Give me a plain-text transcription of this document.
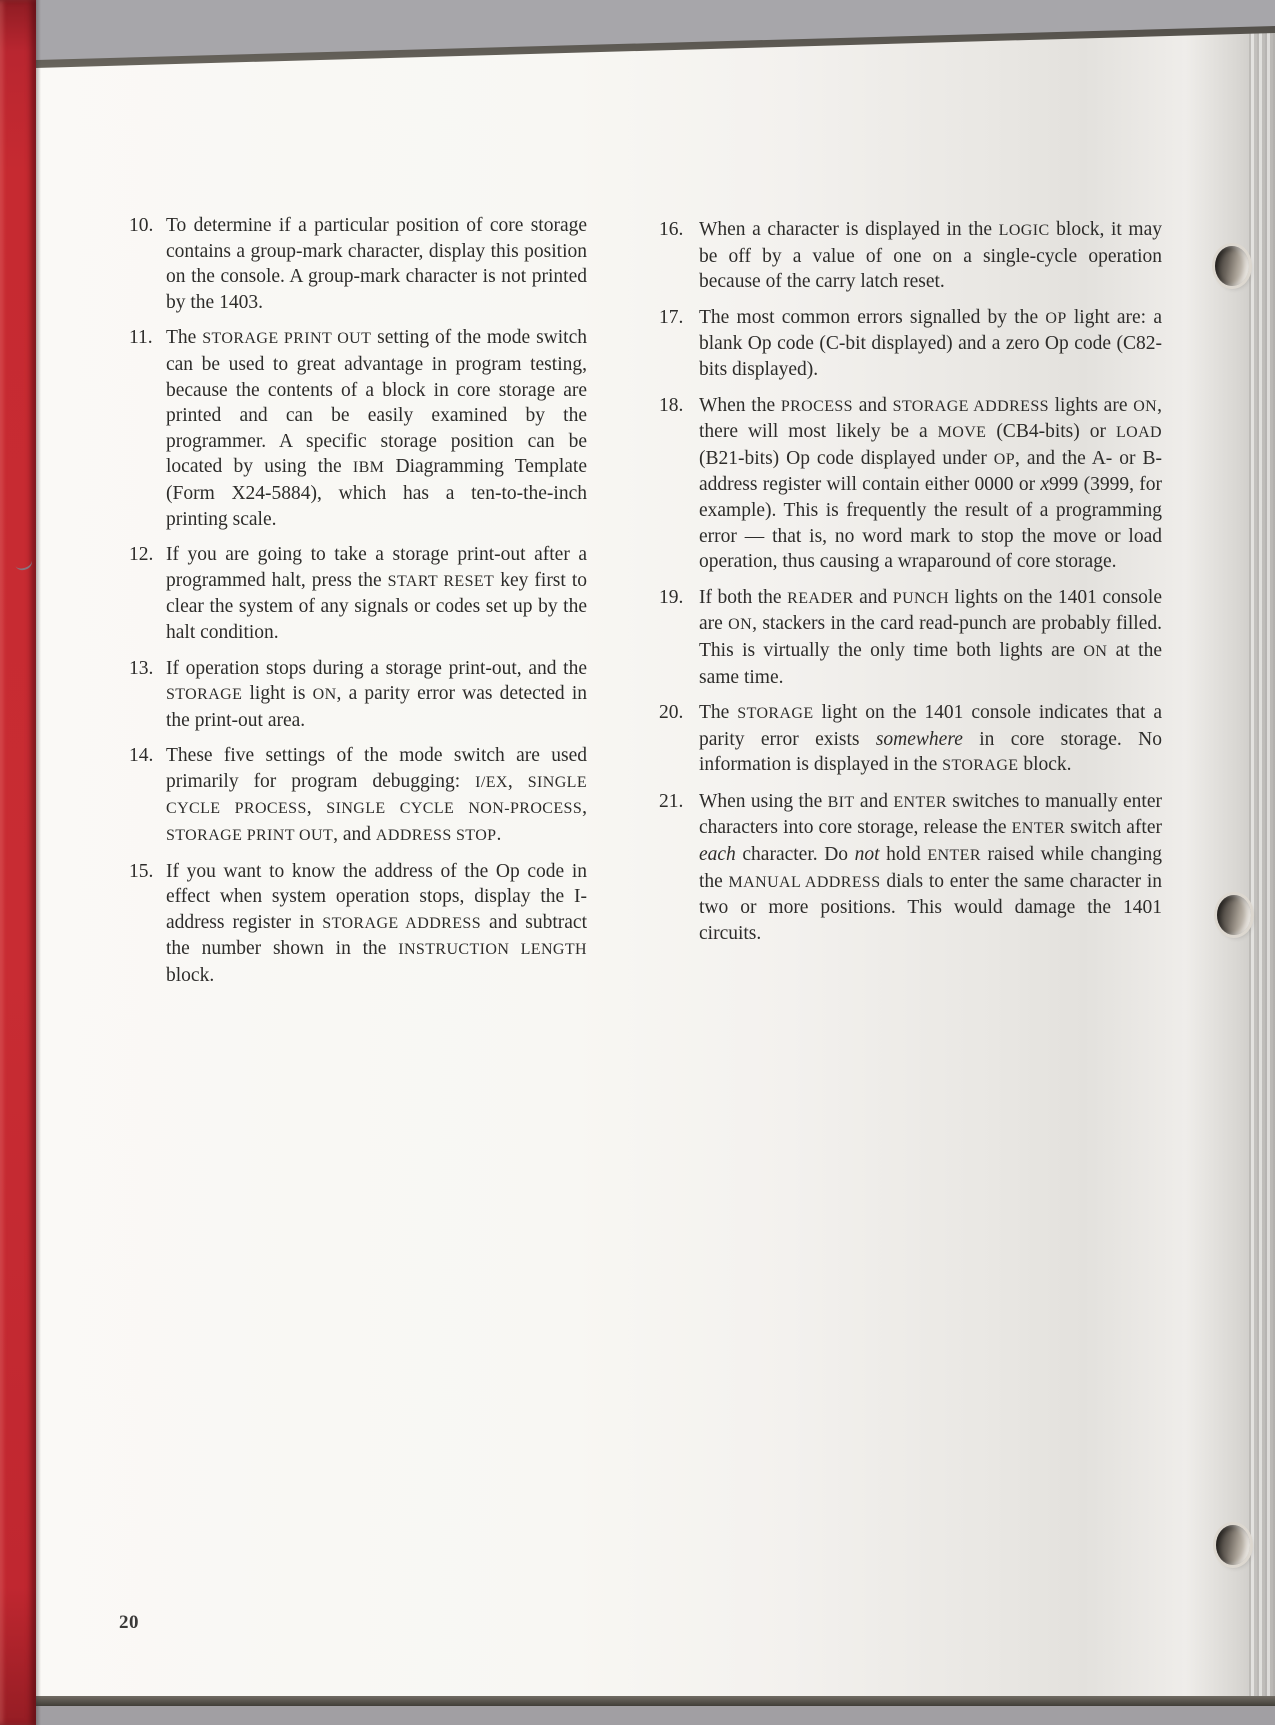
10. To determine if a particular position of core storage contains a group-mark character, display this position on the console. A group-mark character is not printed by the 1403.
11. The STORAGE PRINT OUT setting of the mode switch can be used to great advantage in program testing, because the contents of a block in core storage are printed and can be easily examined by the programmer. A specific storage position can be located by using the IBM Diagramming Template (Form X24-5884), which has a ten-to-the-inch printing scale.
12. If you are going to take a storage print-out after a programmed halt, press the START RESET key first to clear the system of any signals or codes set up by the halt condition.
13. If operation stops during a storage print-out, and the STORAGE light is ON, a parity error was detected in the print-out area.
14. These five settings of the mode switch are used primarily for program debugging: I/EX, SINGLE CYCLE PROCESS, SINGLE CYCLE NON-PROCESS, STORAGE PRINT OUT, and ADDRESS STOP.
15. If you want to know the address of the Op code in effect when system operation stops, display the I-address register in STORAGE ADDRESS and subtract the number shown in the INSTRUCTION LENGTH block.
16. When a character is displayed in the LOGIC block, it may be off by a value of one on a single-cycle operation because of the carry latch reset.
17. The most common errors signalled by the OP light are: a blank Op code (C-bit displayed) and a zero Op code (C82-bits displayed).
18. When the PROCESS and STORAGE ADDRESS lights are ON, there will most likely be a MOVE (CB4-bits) or LOAD (B21-bits) Op code displayed under OP, and the A- or B-address register will contain either 0000 or x999 (3999, for example). This is frequently the result of a programming error — that is, no word mark to stop the move or load operation, thus causing a wraparound of core storage.
19. If both the READER and PUNCH lights on the 1401 console are ON, stackers in the card read-punch are probably filled. This is virtually the only time both lights are ON at the same time.
20. The STORAGE light on the 1401 console indicates that a parity error exists somewhere in core storage. No information is displayed in the STORAGE block.
21. When using the BIT and ENTER switches to manually enter characters into core storage, release the ENTER switch after each character. Do not hold ENTER raised while changing the MANUAL ADDRESS dials to enter the same character in two or more positions. This would damage the 1401 circuits.
20
